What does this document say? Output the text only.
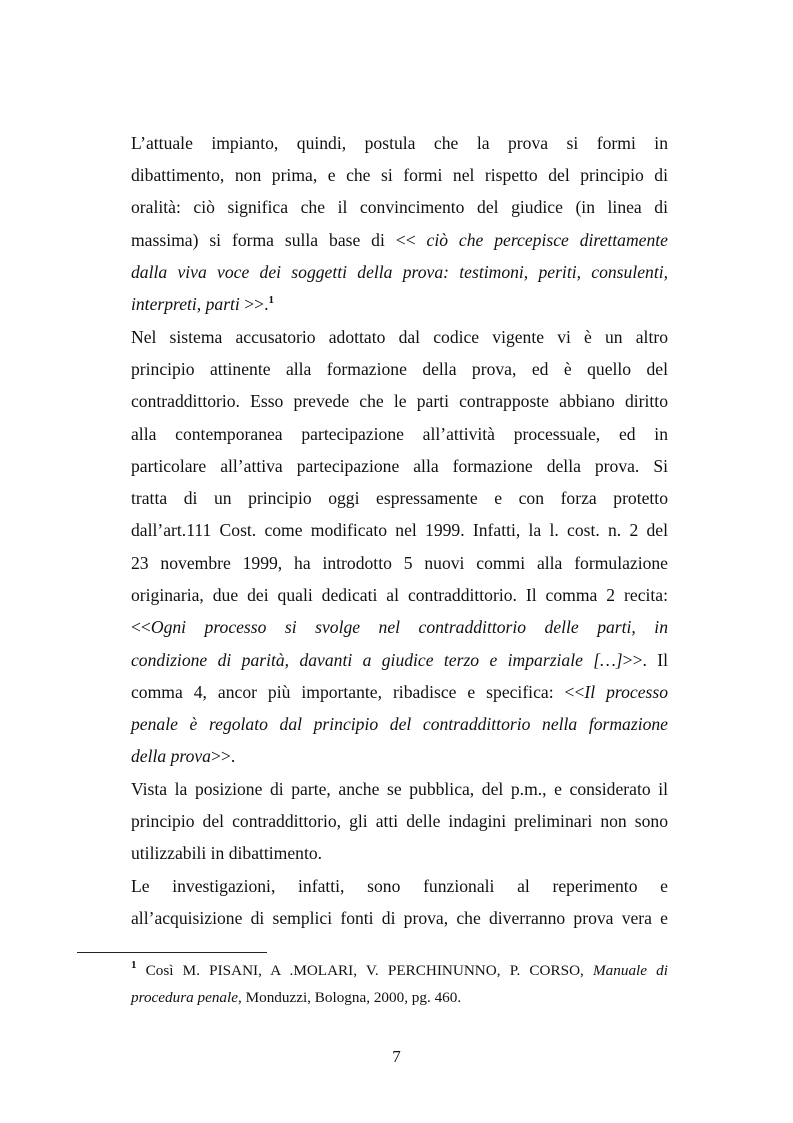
L’attuale impianto, quindi, postula che la prova si formi in
dibattimento, non prima, e che si formi nel rispetto del principio di
oralità: ciò significa che il convincimento del giudice (in linea di
massima) si forma sulla base di << ciò che percepisce direttamente
dalla viva voce dei soggetti della prova: testimoni, periti, consulenti,
interpreti, parti >>.$^1$
Nel sistema accusatorio adottato dal codice vigente vi è un altro
principio attinente alla formazione della prova, ed è quello del
contraddittorio. Esso prevede che le parti contrapposte abbiano diritto
alla contemporanea partecipazione all’attività processuale, ed in
particolare all’attiva partecipazione alla formazione della prova. Si
tratta di un principio oggi espressamente e con forza protetto
dall’art.111 Cost. come modificato nel 1999. Infatti, la l. cost. n. 2 del
23 novembre 1999, ha introdotto 5 nuovi commi alla formulazione
originaria, due dei quali dedicati al contraddittorio. Il comma 2 recita:
<<Ogni processo si svolge nel contraddittorio delle parti, in
condizione di parità, davanti a giudice terzo e imparziale […]>>. Il
comma 4, ancor più importante, ribadisce e specifica: <<Il processo
penale è regolato dal principio del contraddittorio nella formazione
della prova>>.
Vista la posizione di parte, anche se pubblica, del p.m., e considerato il
principio del contraddittorio, gli atti delle indagini preliminari non sono
utilizzabili in dibattimento.
Le investigazioni, infatti, sono funzionali al reperimento e
all’acquisizione di semplici fonti di prova, che diverranno prova vera e
$^1$ Così M. PISANI, A .MOLARI, V. PERCHINUNNO, P. CORSO, Manuale di
procedura penale, Monduzzi, Bologna, 2000, pg. 460.
7
